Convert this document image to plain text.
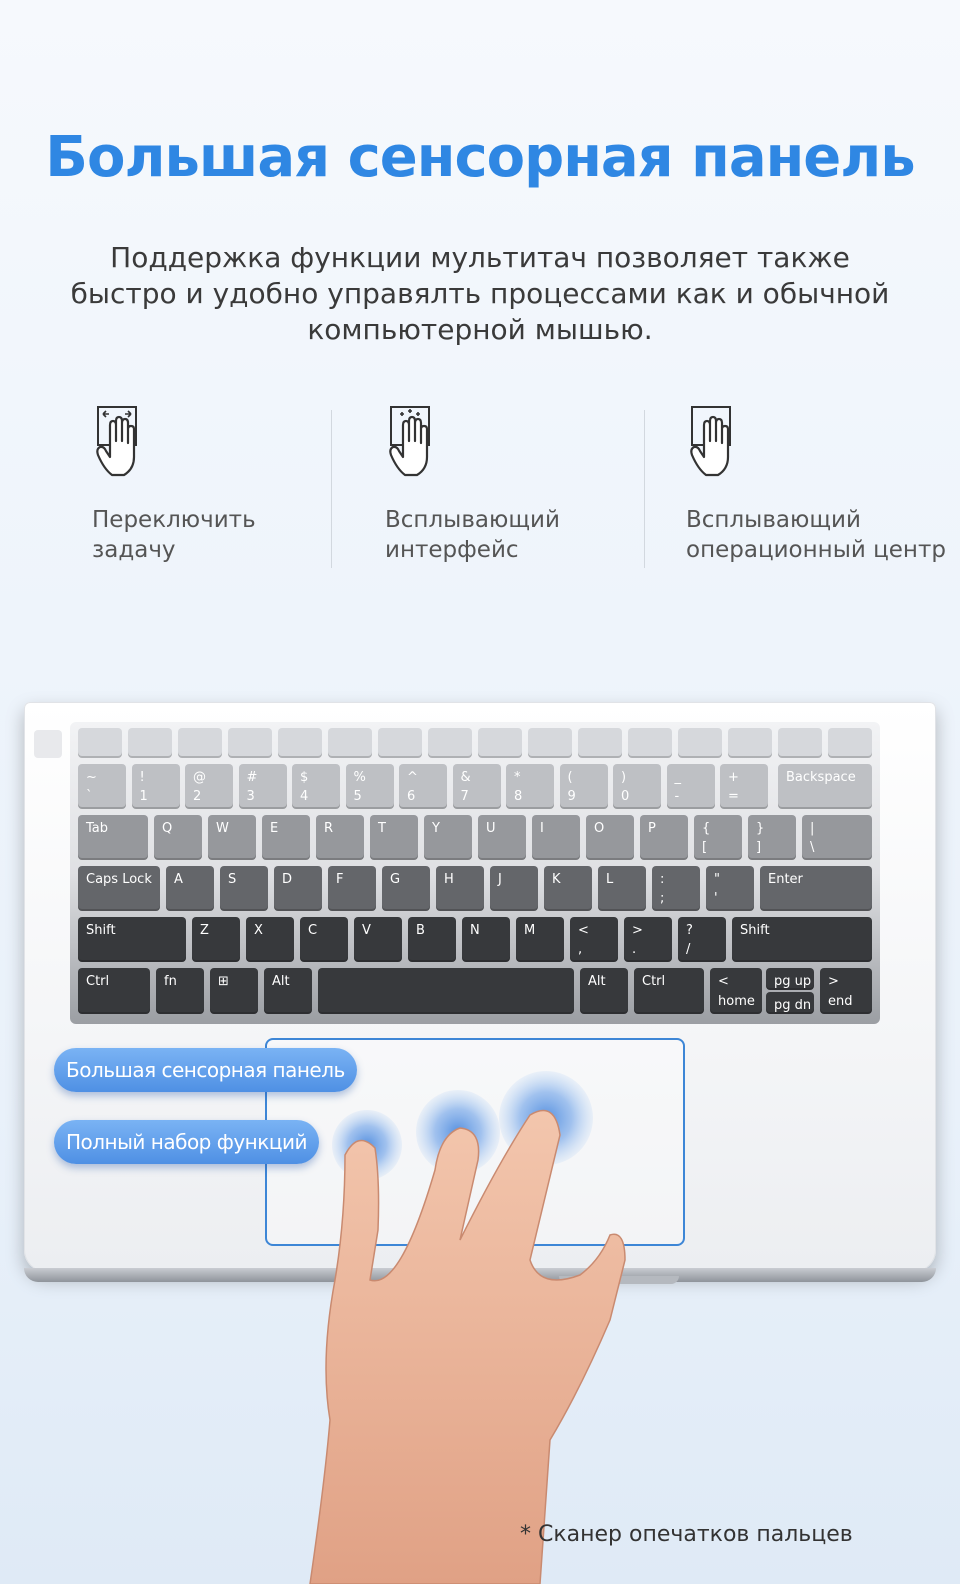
Большая сенсорная панель
Поддержка функции мультитач позволяет также быстро и удобно управялть процессами как и обычной компьютерной мышью.
Переключить
задачу
Всплывающий
интерфейс
Всплывающий
операционный центр
~
`
!
1
@
2
#
3
$
4
%
5
^
6
&
7
*
8
(
9
)
0
_
-
+
=
Backspace
Tab	Q	W	E	R	T	Y	U	I	O	P	{
[
}
]
|
\
Caps Lock A	S	D	F	G	H	J	K	L	:
;
"
'
Enter
Shift	Z	X	C	V	B	N	M	<
,
>
.
?
/
Shift
Ctrl	fn	⊞	Alt	Alt	Ctrl	<
home
pg up
pg dn
>
end
Большая сенсорная панель
Полный набор функций
* Сканер опечатков пальцев
